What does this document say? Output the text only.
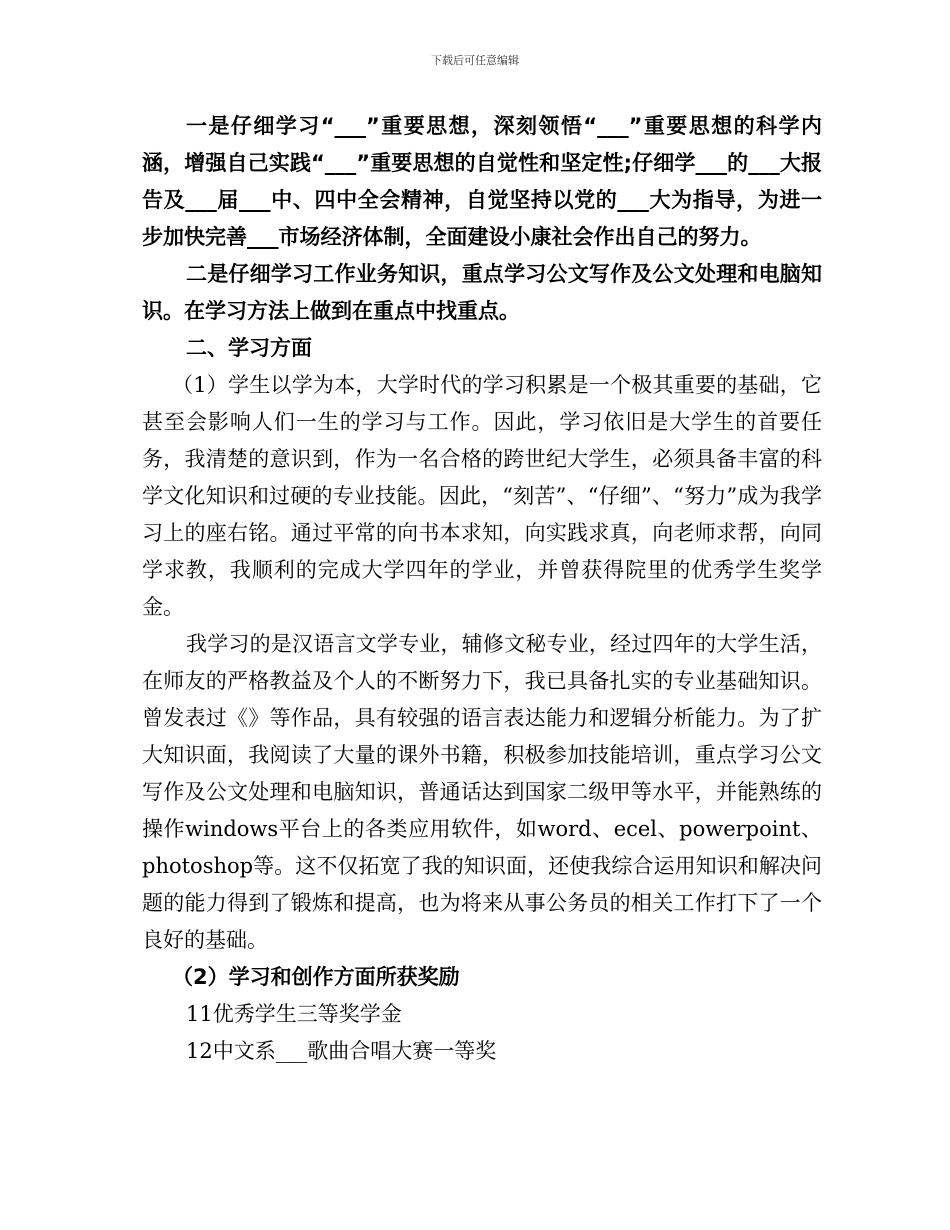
下载后可任意编辑

一是仔细学习“___”重要思想，深刻领悟“___”重要思想的科学内涵，增强自己实践“___”重要思想的自觉性和坚定性;仔细学___的___大报告及___届___中、四中全会精神，自觉坚持以党的___大为指导，为进一步加快完善___市场经济体制，全面建设小康社会作出自己的努力。

二是仔细学习工作业务知识，重点学习公文写作及公文处理和电脑知识。在学习方法上做到在重点中找重点。

二、学习方面

（1）学生以学为本，大学时代的学习积累是一个极其重要的基础，它甚至会影响人们一生的学习与工作。因此，学习依旧是大学生的首要任务，我清楚的意识到，作为一名合格的跨世纪大学生，必须具备丰富的科学文化知识和过硬的专业技能。因此，“刻苦”、“仔细”、“努力”成为我学习上的座右铭。通过平常的向书本求知，向实践求真，向老师求帮，向同学求教，我顺利的完成大学四年的学业，并曾获得院里的优秀学生奖学金。

我学习的是汉语言文学专业，辅修文秘专业，经过四年的大学生活，在师友的严格教益及个人的不断努力下，我已具备扎实的专业基础知识。曾发表过《》等作品，具有较强的语言表达能力和逻辑分析能力。为了扩大知识面，我阅读了大量的课外书籍，积极参加技能培训，重点学习公文写作及公文处理和电脑知识，普通话达到国家二级甲等水平，并能熟练的操作windows平台上的各类应用软件，如word、ecel、powerpoint、photoshop等。这不仅拓宽了我的知识面，还使我综合运用知识和解决问题的能力得到了锻炼和提高，也为将来从事公务员的相关工作打下了一个良好的基础。

（2）学习和创作方面所获奖励

11优秀学生三等奖学金

12中文系___歌曲合唱大赛一等奖
